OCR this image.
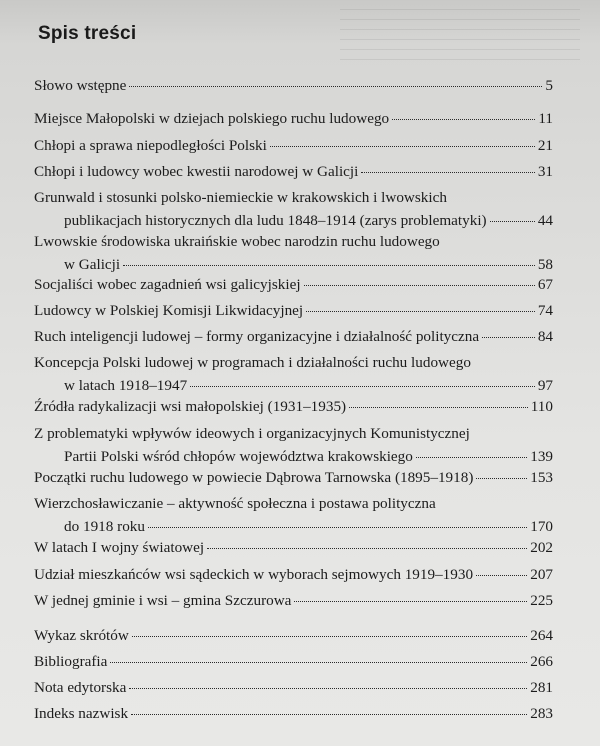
Spis treści
Słowo wstępne	5
Miejsce Małopolski w dziejach polskiego ruchu ludowego	11
Chłopi a sprawa niepodległości Polski	21
Chłopi i ludowcy wobec kwestii narodowej w Galicji	31
Grunwald i stosunki polsko-niemieckie w krakowskich i lwowskich
publikacjach historycznych dla ludu 1848–1914 (zarys problematyki)	44
Lwowskie środowiska ukraińskie wobec narodzin ruchu ludowego
w Galicji	58
Socjaliści wobec zagadnień wsi galicyjskiej	67
Ludowcy w Polskiej Komisji Likwidacyjnej	74
Ruch inteligencji ludowej – formy organizacyjne i działalność polityczna	84
Koncepcja Polski ludowej w programach i działalności ruchu ludowego
w latach 1918–1947	97
Źródła radykalizacji wsi małopolskiej (1931–1935)	110
Z problematyki wpływów ideowych i organizacyjnych Komunistycznej
Partii Polski wśród chłopów województwa krakowskiego	139
Początki ruchu ludowego w powiecie Dąbrowa Tarnowska (1895–1918)	153
Wierzchosławiczanie – aktywność społeczna i postawa polityczna
do 1918 roku	170
W latach I wojny światowej	202
Udział mieszkańców wsi sądeckich w wyborach sejmowych 1919–1930	207
W jednej gminie i wsi – gmina Szczurowa	225
Wykaz skrótów	264
Bibliografia	266
Nota edytorska	281
Indeks nazwisk	283
